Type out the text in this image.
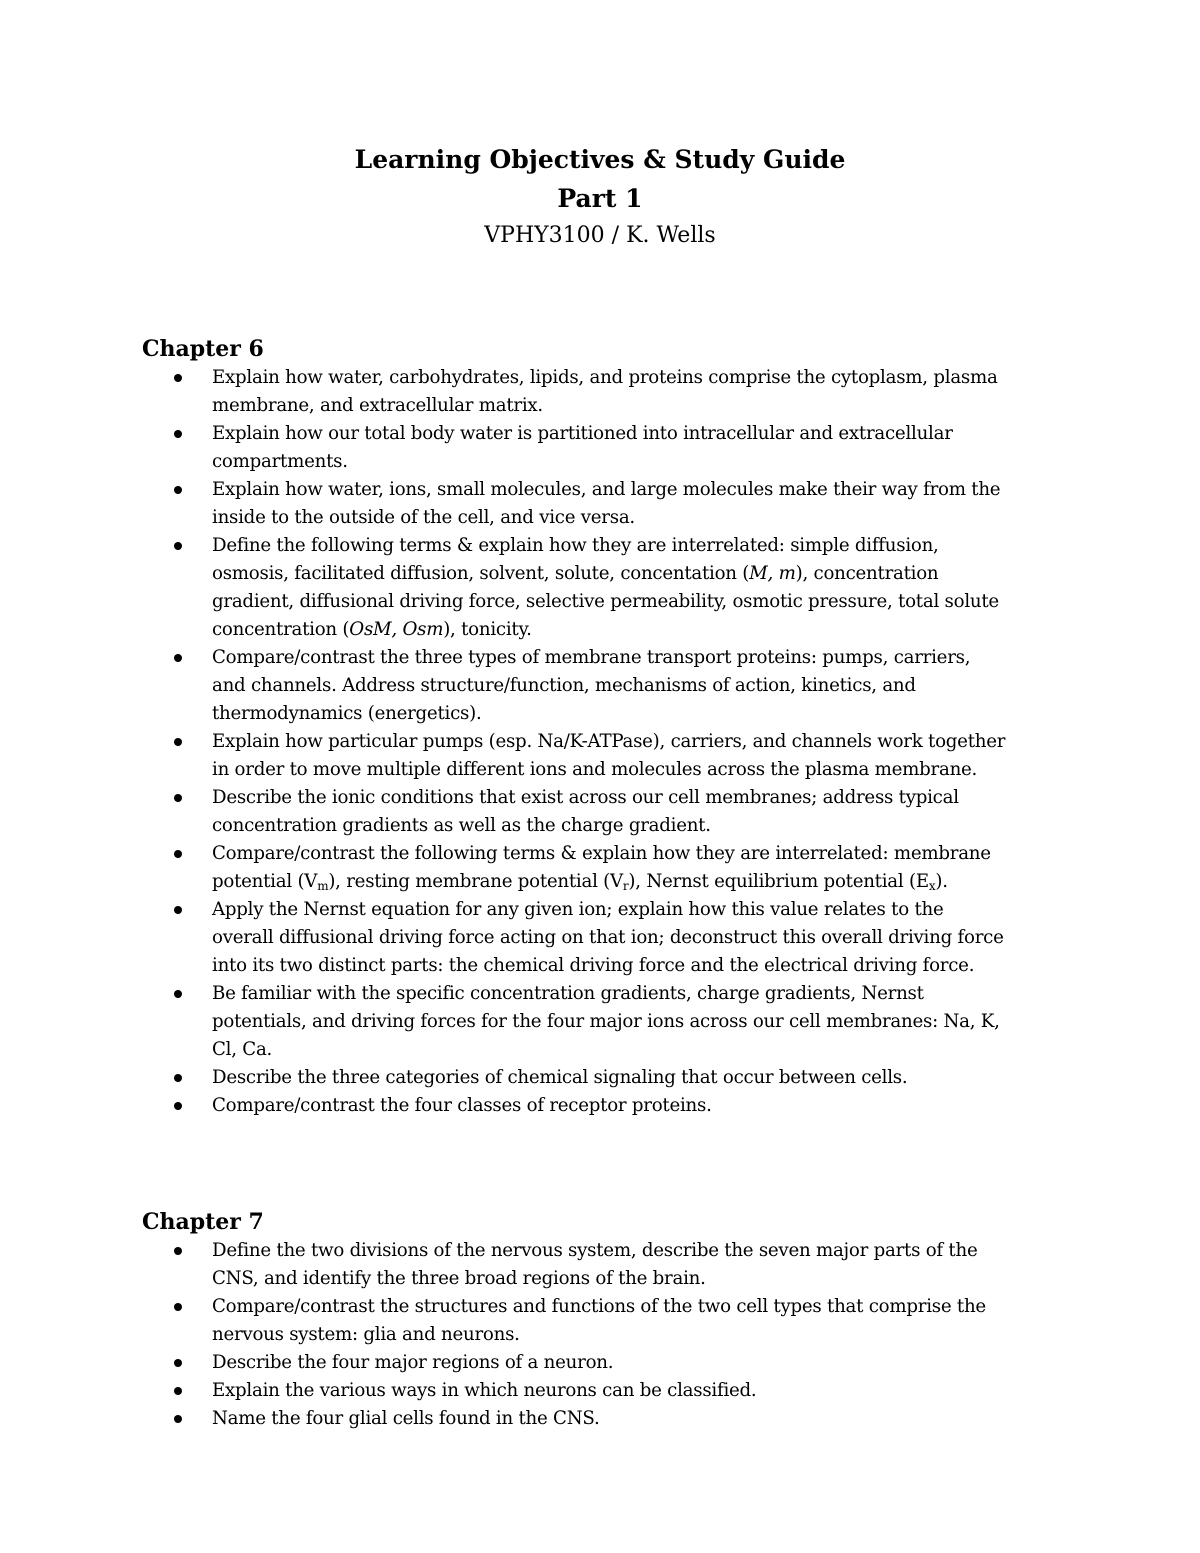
Learning Objectives & Study Guide
Part 1
VPHY3100 / K. Wells
Chapter 6
Explain how water, carbohydrates, lipids, and proteins comprise the cytoplasm, plasma
membrane, and extracellular matrix.
Explain how our total body water is partitioned into intracellular and extracellular
compartments.
Explain how water, ions, small molecules, and large molecules make their way from the
inside to the outside of the cell, and vice versa.
Define the following terms & explain how they are interrelated: simple diffusion,
osmosis, facilitated diffusion, solvent, solute, concentation (M, m), concentration
gradient, diffusional driving force, selective permeability, osmotic pressure, total solute
concentration (OsM, Osm), tonicity.
Compare/contrast the three types of membrane transport proteins: pumps, carriers,
and channels. Address structure/function, mechanisms of action, kinetics, and
thermodynamics (energetics).
Explain how particular pumps (esp. Na/K-ATPase), carriers, and channels work together
in order to move multiple different ions and molecules across the plasma membrane.
Describe the ionic conditions that exist across our cell membranes; address typical
concentration gradients as well as the charge gradient.
Compare/contrast the following terms & explain how they are interrelated: membrane
potential $(V_m)$, resting membrane potential $(V_r)$, Nernst equilibrium potential $(E_x)$.
Apply the Nernst equation for any given ion; explain how this value relates to the
overall diffusional driving force acting on that ion; deconstruct this overall driving force
into its two distinct parts: the chemical driving force and the electrical driving force.
Be familiar with the specific concentration gradients, charge gradients, Nernst
potentials, and driving forces for the four major ions across our cell membranes: Na, K,
Cl, Ca.
Describe the three categories of chemical signaling that occur between cells.
Compare/contrast the four classes of receptor proteins.
Chapter 7
Define the two divisions of the nervous system, describe the seven major parts of the
CNS, and identify the three broad regions of the brain.
Compare/contrast the structures and functions of the two cell types that comprise the
nervous system: glia and neurons.
Describe the four major regions of a neuron.
Explain the various ways in which neurons can be classified.
Name the four glial cells found in the CNS.
